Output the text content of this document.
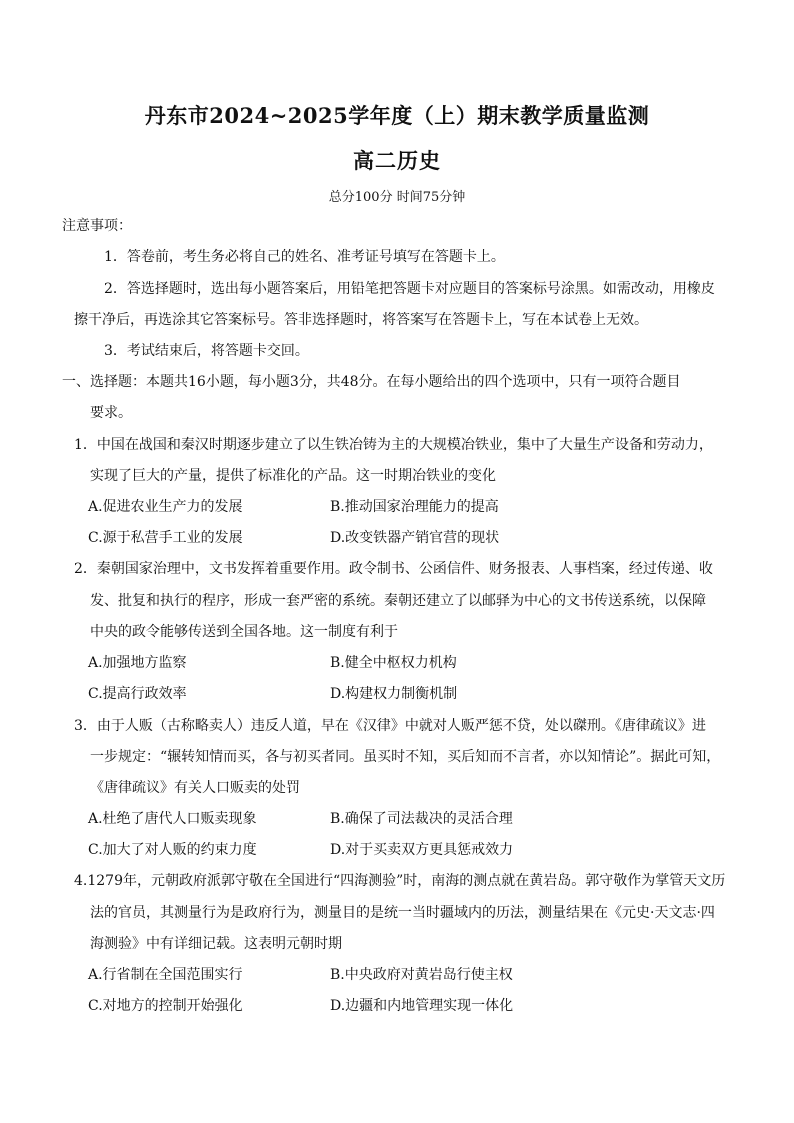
丹东市2024~2025学年度（上）期末教学质量监测
高二历史
总分100分 时间75分钟
注意事项：
1．答卷前，考生务必将自己的姓名、准考证号填写在答题卡上。
2．答选择题时，选出每小题答案后，用铅笔把答题卡对应题目的答案标号涂黑。如需改动，用橡皮
擦干净后，再选涂其它答案标号。答非选择题时，将答案写在答题卡上，写在本试卷上无效。
3．考试结束后，将答题卡交回。
一、选择题：本题共16小题，每小题3分，共48分。在每小题给出的四个选项中，只有一项符合题目
要求。
1．中国在战国和秦汉时期逐步建立了以生铁冶铸为主的大规模冶铁业，集中了大量生产设备和劳动力，
实现了巨大的产量，提供了标准化的产品。这一时期冶铁业的变化
A.促进农业生产力的发展	B.推动国家治理能力的提高
C.源于私营手工业的发展	D.改变铁器产销官营的现状
2．秦朝国家治理中，文书发挥着重要作用。政令制书、公函信件、财务报表、人事档案，经过传递、收
发、批复和执行的程序，形成一套严密的系统。秦朝还建立了以邮驿为中心的文书传送系统，以保障
中央的政令能够传送到全国各地。这一制度有利于
A.加强地方监察	B.健全中枢权力机构
C.提高行政效率	D.构建权力制衡机制
3．由于人贩（古称略卖人）违反人道，早在《汉律》中就对人贩严惩不贷，处以磔刑。《唐律疏议》进
一步规定：“辗转知情而买，各与初买者同。虽买时不知，买后知而不言者，亦以知情论”。据此可知，
《唐律疏议》有关人口贩卖的处罚
A.杜绝了唐代人口贩卖现象	B.确保了司法裁决的灵活合理
C.加大了对人贩的约束力度	D.对于买卖双方更具惩戒效力
4.1279年，元朝政府派郭守敬在全国进行“四海测验”时，南海的测点就在黄岩岛。郭守敬作为掌管天文历
法的官员，其测量行为是政府行为，测量目的是统一当时疆域内的历法，测量结果在《元史·天文志·四
海测验》中有详细记载。这表明元朝时期
A.行省制在全国范围实行	B.中央政府对黄岩岛行使主权
C.对地方的控制开始强化	D.边疆和内地管理实现一体化
